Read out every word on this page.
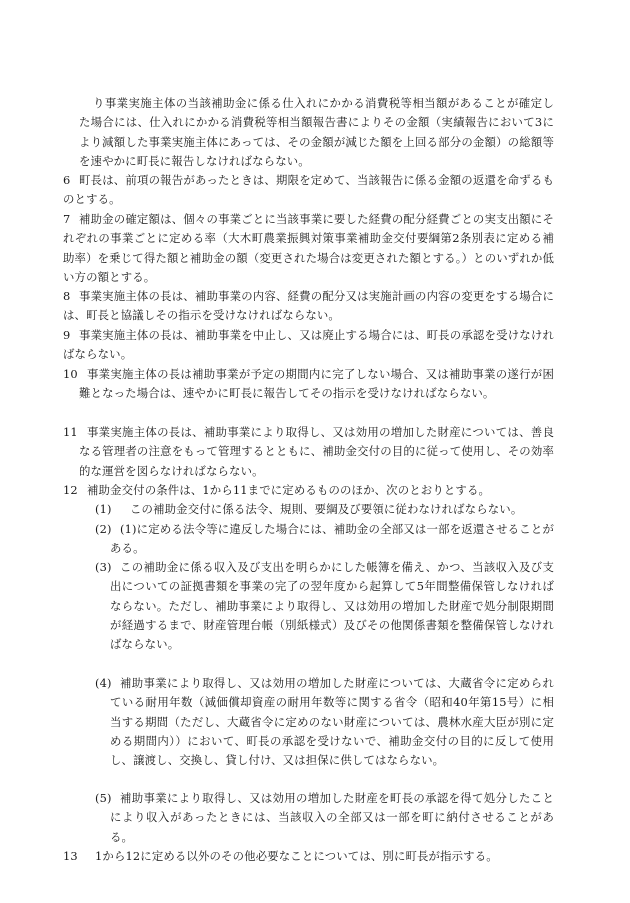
り事業実施主体の当該補助金に係る仕入れにかかる消費税等相当額があることが確定した場合には、仕入れにかかる消費税等相当額報告書によりその金額（実績報告において3により減額した事業実施主体にあっては、その金額が減じた額を上回る部分の金額）の総額等を速やかに町長に報告しなければならない。

6 町長は、前項の報告があったときは、期限を定めて、当該報告に係る金額の返還を命ずるものとする。
7 補助金の確定額は、個々の事業ごとに当該事業に要した経費の配分経費ごとの実支出額にそれぞれの事業ごとに定める率（大木町農業振興対策事業補助金交付要綱第2条別表に定める補助率）を乗じて得た額と補助金の額（変更された場合は変更された額とする。）とのいずれか低い方の額とする。
8 事業実施主体の長は、補助事業の内容、経費の配分又は実施計画の内容の変更をする場合には、町長と協議しその指示を受けなければならない。
9 事業実施主体の長は、補助事業を中止し、又は廃止する場合には、町長の承認を受けなければならない。
10 事業実施主体の長は補助事業が予定の期間内に完了しない場合、又は補助事業の遂行が困難となった場合は、速やかに町長に報告してその指示を受けなければならない。
11 事業実施主体の長は、補助事業により取得し、又は効用の増加した財産については、善良なる管理者の注意をもって管理するとともに、補助金交付の目的に従って使用し、その効率的な運営を図らなければならない。
12 補助金交付の条件は、1から11までに定めるもののほか、次のとおりとする。
(1)	この補助金交付に係る法令、規則、要綱及び要領に従わなければならない。
(2) (1)に定める法令等に違反した場合には、補助金の全部又は一部を返還させることがある。
(3) この補助金に係る収入及び支出を明らかにした帳簿を備え、かつ、当該収入及び支出についての証拠書類を事業の完了の翌年度から起算して5年間整備保管しなければならない。ただし、補助事業により取得し、又は効用の増加した財産で処分制限期間が経過するまで、財産管理台帳（別紙様式）及びその他関係書類を整備保管しなければならない。
(4) 補助事業により取得し、又は効用の増加した財産については、大蔵省令に定められている耐用年数（減価償却資産の耐用年数等に関する省令（昭和40年第15号）に相当する期間（ただし、大蔵省令に定めのない財産については、農林水産大臣が別に定める期間内））において、町長の承認を受けないで、補助金交付の目的に反して使用し、譲渡し、交換し、貸し付け、又は担保に供してはならない。
(5) 補助事業により取得し、又は効用の増加した財産を町長の承認を得て処分したことにより収入があったときには、当該収入の全部又は一部を町に納付させることがある。
13	1から12に定める以外のその他必要なことについては、別に町長が指示する。
